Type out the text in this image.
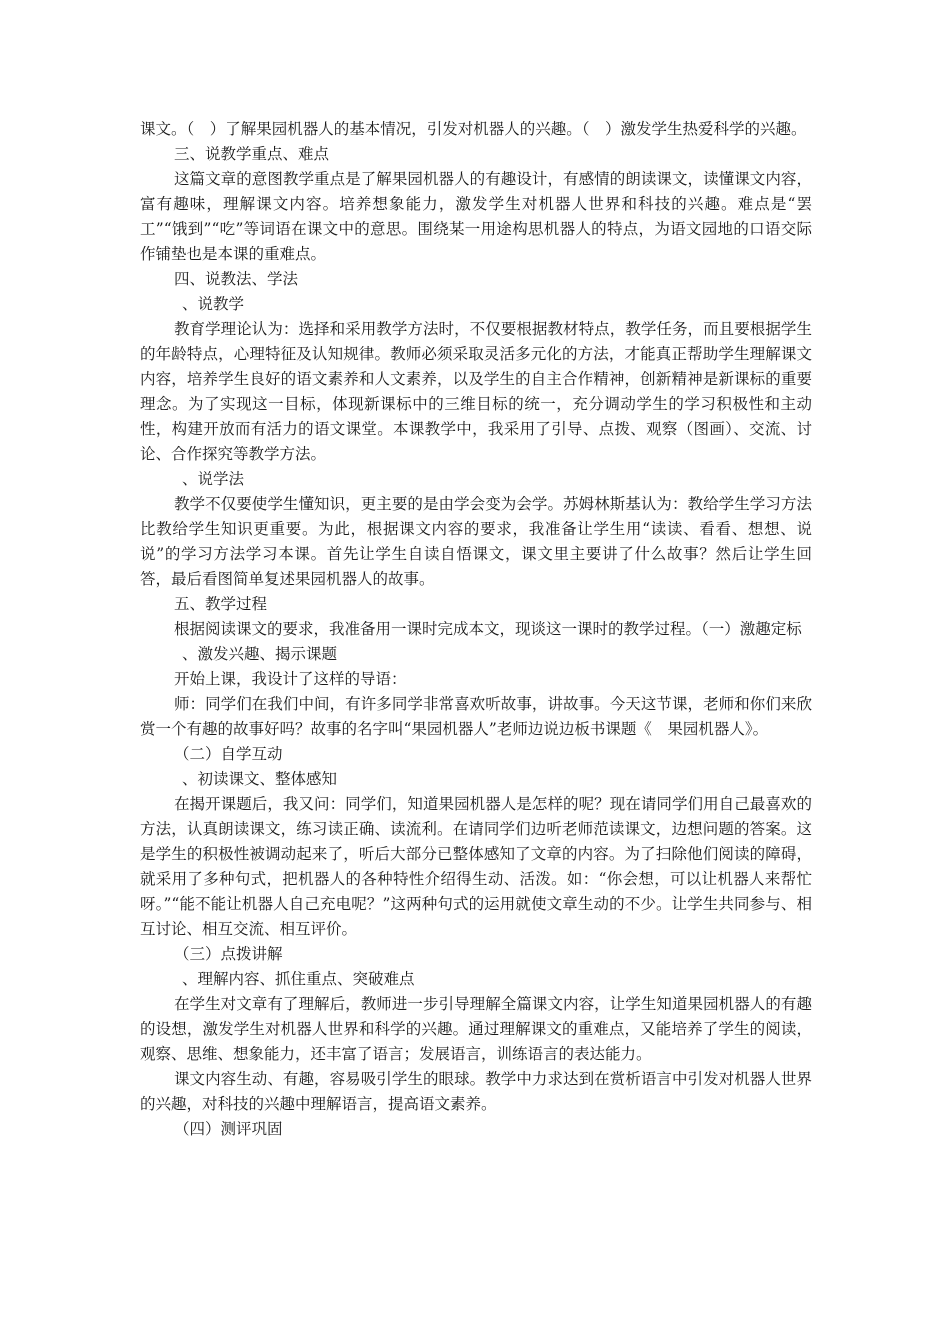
课文。（　）了解果园机器人的基本情况，引发对机器人的兴趣。（　）激发学生热爱科学的兴趣。

三、说教学重点、难点

这篇文章的意图教学重点是了解果园机器人的有趣设计，有感情的朗读课文，读懂课文内容，富有趣味，理解课文内容。培养想象能力，激发学生对机器人世界和科技的兴趣。难点是“罢工”“饿到”“吃”等词语在课文中的意思。围绕某一用途构思机器人的特点，为语文园地的口语交际作铺垫也是本课的重难点。

四、说教法、学法

、说教学

教育学理论认为：选择和采用教学方法时，不仅要根据教材特点，教学任务，而且要根据学生的年龄特点，心理特征及认知规律。教师必须采取灵活多元化的方法，才能真正帮助学生理解课文内容，培养学生良好的语文素养和人文素养，以及学生的自主合作精神，创新精神是新课标的重要理念。为了实现这一目标，体现新课标中的三维目标的统一，充分调动学生的学习积极性和主动性，构建开放而有活力的语文课堂。本课教学中，我采用了引导、点拨、观察（图画）、交流、讨论、合作探究等教学方法。

、说学法

教学不仅要使学生懂知识，更主要的是由学会变为会学。苏姆林斯基认为：教给学生学习方法比教给学生知识更重要。为此，根据课文内容的要求，我准备让学生用“读读、看看、想想、说说”的学习方法学习本课。首先让学生自读自悟课文，课文里主要讲了什么故事？然后让学生回答，最后看图简单复述果园机器人的故事。

五、教学过程

根据阅读课文的要求，我准备用一课时完成本文，现谈这一课时的教学过程。（一）激趣定标

、激发兴趣、揭示课题

开始上课，我设计了这样的导语：

师：同学们在我们中间，有许多同学非常喜欢听故事，讲故事。今天这节课，老师和你们来欣赏一个有趣的故事好吗？故事的名字叫“果园机器人”老师边说边板书课题《　果园机器人》。

（二）自学互动

、初读课文、整体感知

在揭开课题后，我又问：同学们，知道果园机器人是怎样的呢？现在请同学们用自己最喜欢的方法，认真朗读课文，练习读正确、读流利。在请同学们边听老师范读课文，边想问题的答案。这是学生的积极性被调动起来了，听后大部分已整体感知了文章的内容。为了扫除他们阅读的障碍，就采用了多种句式，把机器人的各种特性介绍得生动、活泼。如：“你会想，可以让机器人来帮忙呀。”“能不能让机器人自己充电呢？”这两种句式的运用就使文章生动的不少。让学生共同参与、相互讨论、相互交流、相互评价。

（三）点拨讲解

、理解内容、抓住重点、突破难点

在学生对文章有了理解后，教师进一步引导理解全篇课文内容，让学生知道果园机器人的有趣的设想，激发学生对机器人世界和科学的兴趣。通过理解课文的重难点，又能培养了学生的阅读，观察、思维、想象能力，还丰富了语言；发展语言，训练语言的表达能力。

课文内容生动、有趣，容易吸引学生的眼球。教学中力求达到在赏析语言中引发对机器人世界的兴趣，对科技的兴趣中理解语言，提高语文素养。

（四）测评巩固
